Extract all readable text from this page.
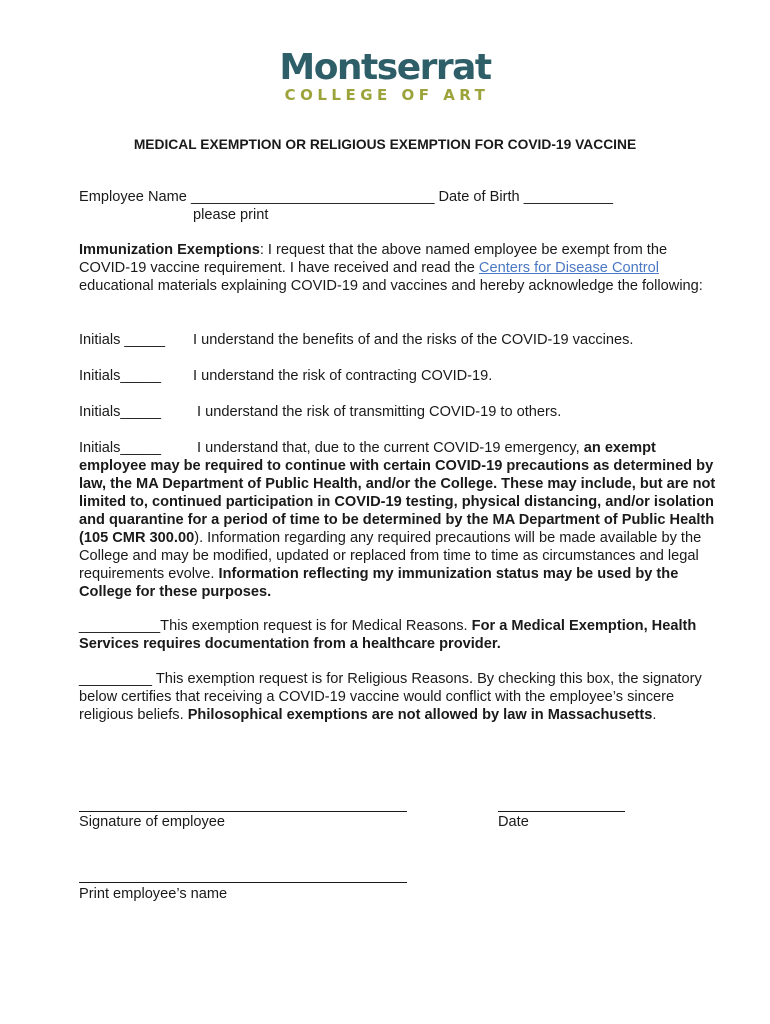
Montserrat
COLLEGE OF ART
MEDICAL EXEMPTION OR RELIGIOUS EXEMPTION FOR COVID-19 VACCINE

Employee Name ______________________________ Date of Birth ___________

please print

Immunization Exemptions: I request that the above named employee be exempt from the COVID-19 vaccine requirement. I have received and read the Centers for Disease Control educational materials explaining COVID-19 and vaccines and hereby acknowledge the following:

Initials _____ I understand the benefits of and the risks of the COVID-19 vaccines.

Initials_____ I understand the risk of contracting COVID-19.

Initials_____ I understand the risk of transmitting COVID-19 to others.

Initials_____ I understand that, due to the current COVID-19 emergency, an exempt employee may be required to continue with certain COVID-19 precautions as determined by law, the MA Department of Public Health, and/or the College. These may include, but are not limited to, continued participation in COVID-19 testing, physical distancing, and/or isolation and quarantine for a period of time to be determined by the MA Department of Public Health (105 CMR 300.00). Information regarding any required precautions will be made available by the College and may be modified, updated or replaced from time to time as circumstances and legal requirements evolve. Information reflecting my immunization status may be used by the College for these purposes.

__________This exemption request is for Medical Reasons. For a Medical Exemption, Health Services requires documentation from a healthcare provider.

_________ This exemption request is for Religious Reasons. By checking this box, the signatory below certifies that receiving a COVID-19 vaccine would conflict with the employee’s sincere religious beliefs. Philosophical exemptions are not allowed by law in Massachusetts.

Signature of employee	Date

Print employee’s name
